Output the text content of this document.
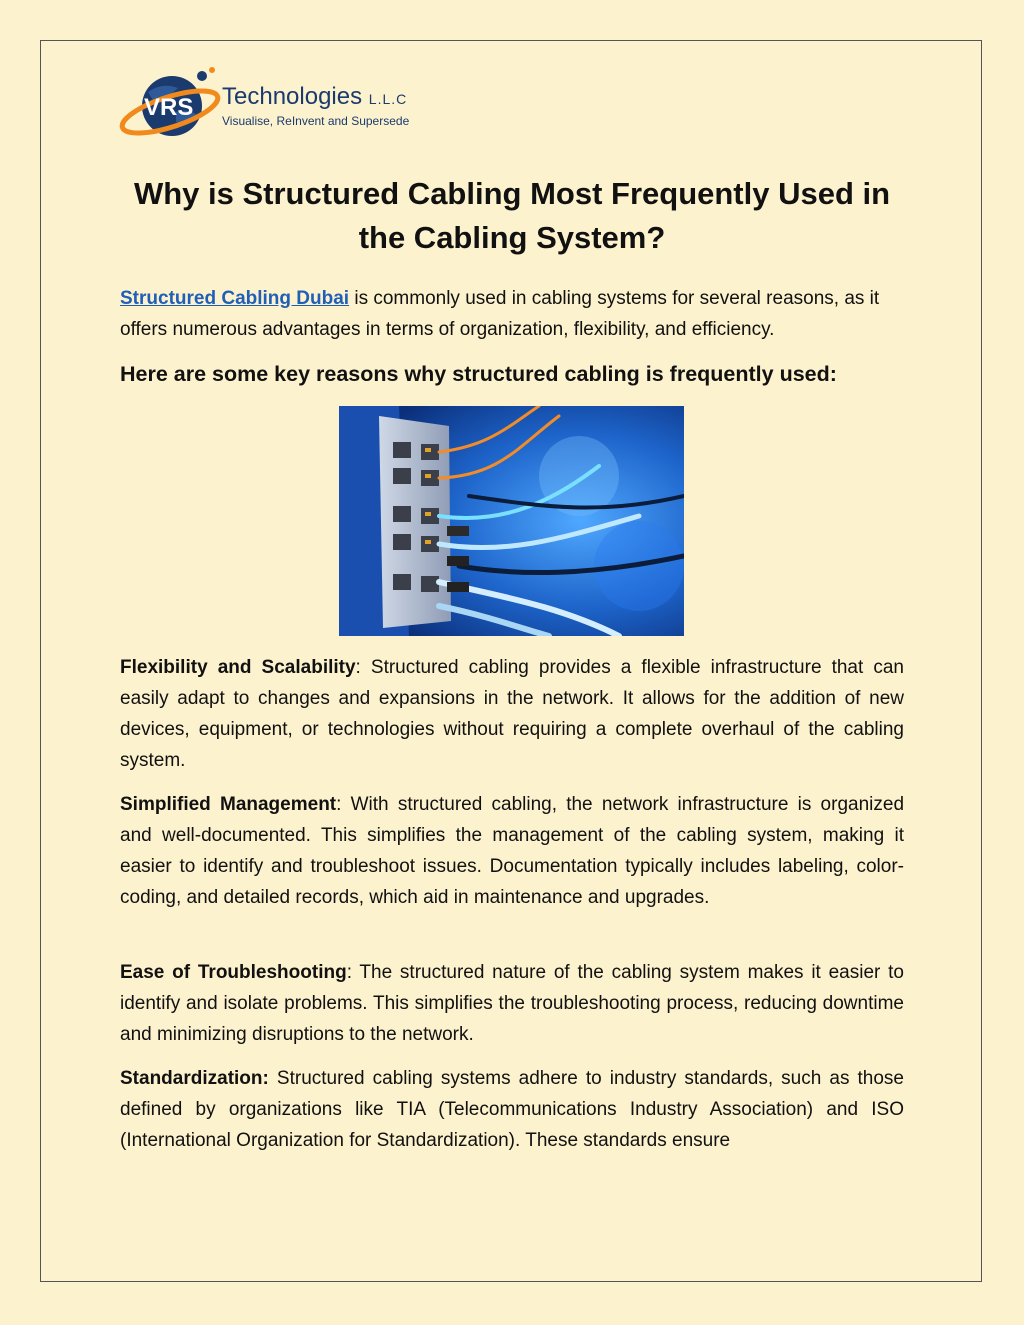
VRS Technologies L.L.C
Visualise, ReInvent and Supersede
Why is Structured Cabling Most Frequently Used in the Cabling System?

Structured Cabling Dubai is commonly used in cabling systems for several reasons, as it offers numerous advantages in terms of organization, flexibility, and efficiency.

Here are some key reasons why structured cabling is frequently used:

Flexibility and Scalability: Structured cabling provides a flexible infrastructure that can easily adapt to changes and expansions in the network. It allows for the addition of new devices, equipment, or technologies without requiring a complete overhaul of the cabling system.

Simplified Management: With structured cabling, the network infrastructure is organized and well-documented. This simplifies the management of the cabling system, making it easier to identify and troubleshoot issues. Documentation typically includes labeling, color-coding, and detailed records, which aid in maintenance and upgrades.

Ease of Troubleshooting: The structured nature of the cabling system makes it easier to identify and isolate problems. This simplifies the troubleshooting process, reducing downtime and minimizing disruptions to the network.

Standardization: Structured cabling systems adhere to industry standards, such as those defined by organizations like TIA (Telecommunications Industry Association) and ISO (International Organization for Standardization). These standards ensure
